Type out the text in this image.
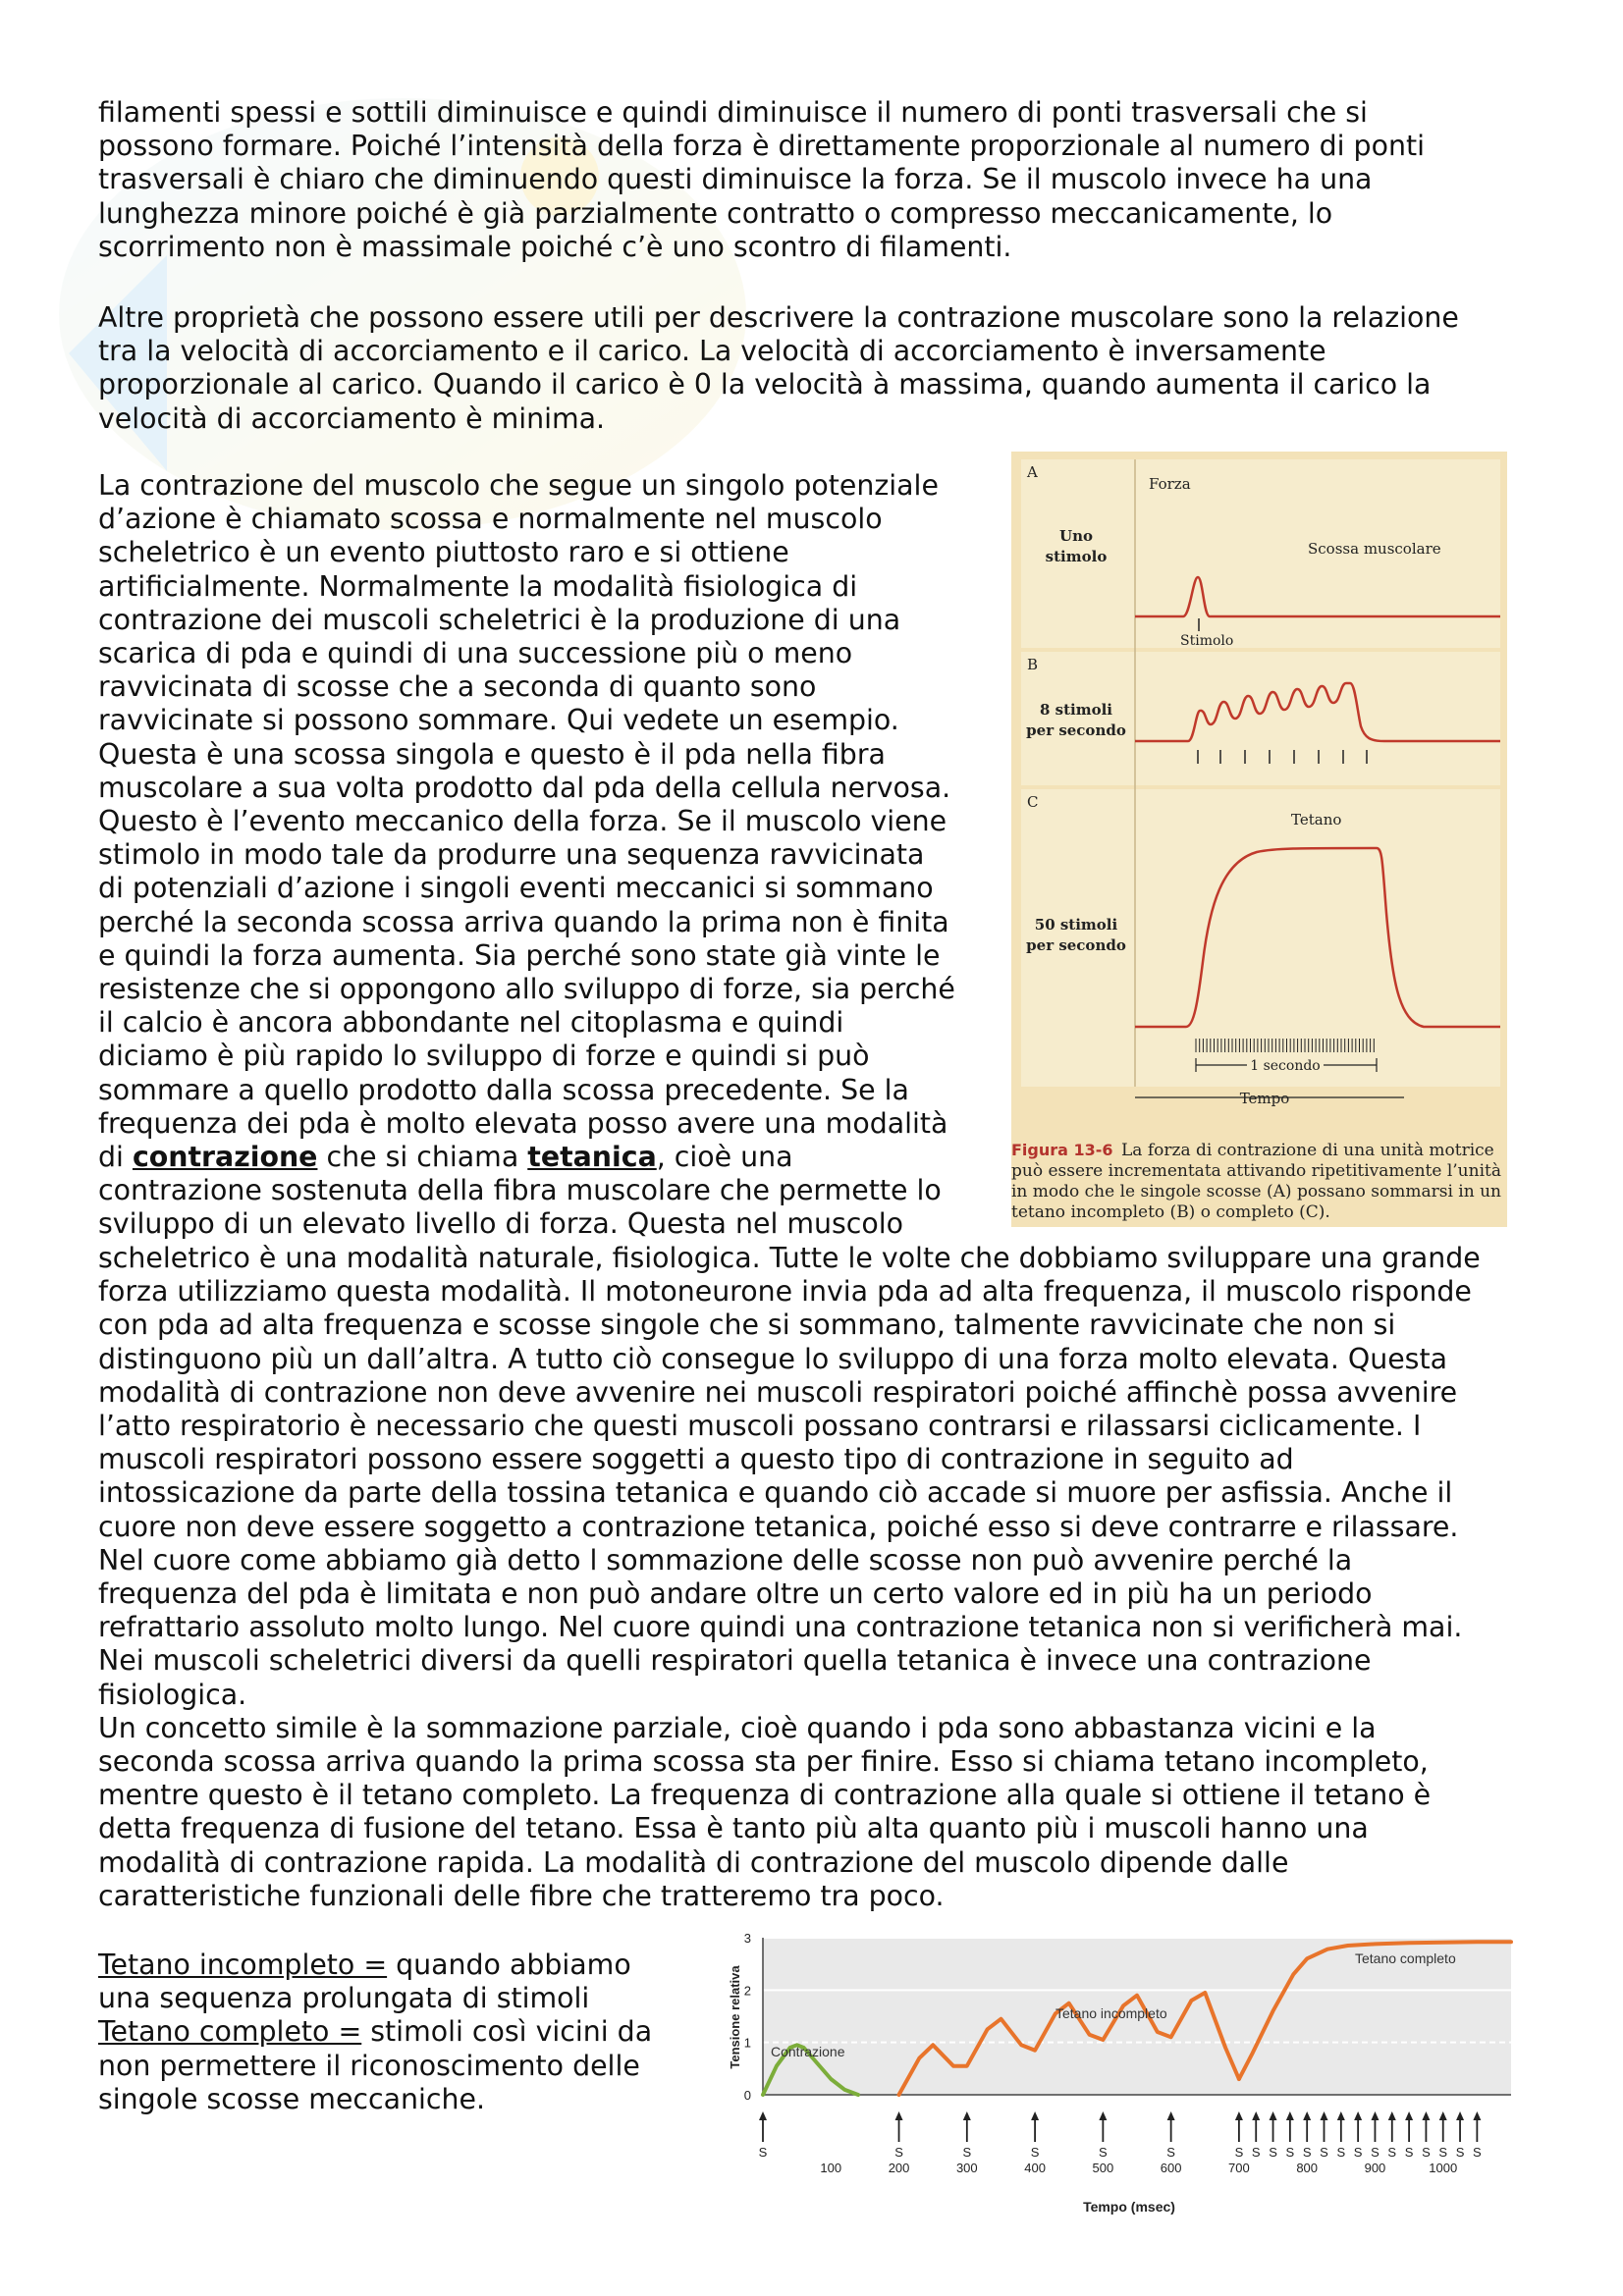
filamenti spessi e sottili diminuisce e quindi diminuisce il numero di ponti trasversali che si
possono formare. Poiché l’intensità della forza è direttamente proporzionale al numero di ponti
trasversali è chiaro che diminuendo questi diminuisce la forza. Se il muscolo invece ha una
lunghezza minore poiché è già parzialmente contratto o compresso meccanicamente, lo
scorrimento non è massimale poiché c’è uno scontro di filamenti.

Altre proprietà che possono essere utili per descrivere la contrazione muscolare sono la relazione
tra la velocità di accorciamento e il carico. La velocità di accorciamento è inversamente
proporzionale al carico. Quando il carico è 0 la velocità à massima, quando aumenta il carico la
velocità di accorciamento è minima.

La contrazione del muscolo che segue un singolo potenziale
d’azione è chiamato scossa e normalmente nel muscolo
scheletrico è un evento piuttosto raro e si ottiene
artificialmente. Normalmente la modalità fisiologica di
contrazione dei muscoli scheletrici è la produzione di una
scarica di pda e quindi di una successione più o meno
ravvicinata di scosse che a seconda di quanto sono
ravvicinate si possono sommare. Qui vedete un esempio.
Questa è una scossa singola e questo è il pda nella fibra
muscolare a sua volta prodotto dal pda della cellula nervosa.
Questo è l’evento meccanico della forza. Se il muscolo viene
stimolo in modo tale da produrre una sequenza ravvicinata
di potenziali d’azione i singoli eventi meccanici si sommano
perché la seconda scossa arriva quando la prima non è finita
e quindi la forza aumenta. Sia perché sono state già vinte le
resistenze che si oppongono allo sviluppo di forze, sia perché
il calcio è ancora abbondante nel citoplasma e quindi
diciamo è più rapido lo sviluppo di forze e quindi si può
sommare a quello prodotto dalla scossa precedente. Se la
frequenza dei pda è molto elevata posso avere una modalità
di contrazione che si chiama tetanica, cioè una
contrazione sostenuta della fibra muscolare che permette lo
sviluppo di un elevato livello di forza. Questa nel muscolo

scheletrico è una modalità naturale, fisiologica. Tutte le volte che dobbiamo sviluppare una grande
forza utilizziamo questa modalità. Il motoneurone invia pda ad alta frequenza, il muscolo risponde
con pda ad alta frequenza e scosse singole che si sommano, talmente ravvicinate che non si
distinguono più un dall’altra. A tutto ciò consegue lo sviluppo di una forza molto elevata. Questa
modalità di contrazione non deve avvenire nei muscoli respiratori poiché affinchè possa avvenire
l’atto respiratorio è necessario che questi muscoli possano contrarsi e rilassarsi ciclicamente. I
muscoli respiratori possono essere soggetti a questo tipo di contrazione in seguito ad
intossicazione da parte della tossina tetanica e quando ciò accade si muore per asfissia. Anche il
cuore non deve essere soggetto a contrazione tetanica, poiché esso si deve contrarre e rilassare.
Nel cuore come abbiamo già detto l sommazione delle scosse non può avvenire perché la
frequenza del pda è limitata e non può andare oltre un certo valore ed in più ha un periodo
refrattario assoluto molto lungo. Nel cuore quindi una contrazione tetanica non si verificherà mai.
Nei muscoli scheletrici diversi da quelli respiratori quella tetanica è invece una contrazione
fisiologica.
Un concetto simile è la sommazione parziale, cioè quando i pda sono abbastanza vicini e la
seconda scossa arriva quando la prima scossa sta per finire. Esso si chiama tetano incompleto,
mentre questo è il tetano completo. La frequenza di contrazione alla quale si ottiene il tetano è
detta frequenza di fusione del tetano. Essa è tanto più alta quanto più i muscoli hanno una
modalità di contrazione rapida. La modalità di contrazione del muscolo dipende dalle
caratteristiche funzionali delle fibre che tratteremo tra poco.

Tetano incompleto = quando abbiamo
una sequenza prolungata di stimoli
Tetano completo = stimoli così vicini da
non permettere il riconoscimento delle
singole scosse meccaniche.

A
Forza
Uno
stimolo	Scossa muscolare
Stimolo
B
8 stimoli
per secondo
C
Tetano
50 stimoli
per secondo
1 secondo
Tempo
Figura 13-6 La forza di contrazione di una unità motrice
può essere incrementata attivando ripetitivamente l’unità
in modo che le singole scosse (A) possano sommarsi in un
tetano incompleto (B) o completo (C).
0
1
2
3
100	200	300	400	500	600	700	800	900	1000
S	S	S	S	S	S	S S S S S S S S S S S S S S S
Tensione relativa
Tempo (msec)
Contrazione
Tetano incompleto
Tetano completo
